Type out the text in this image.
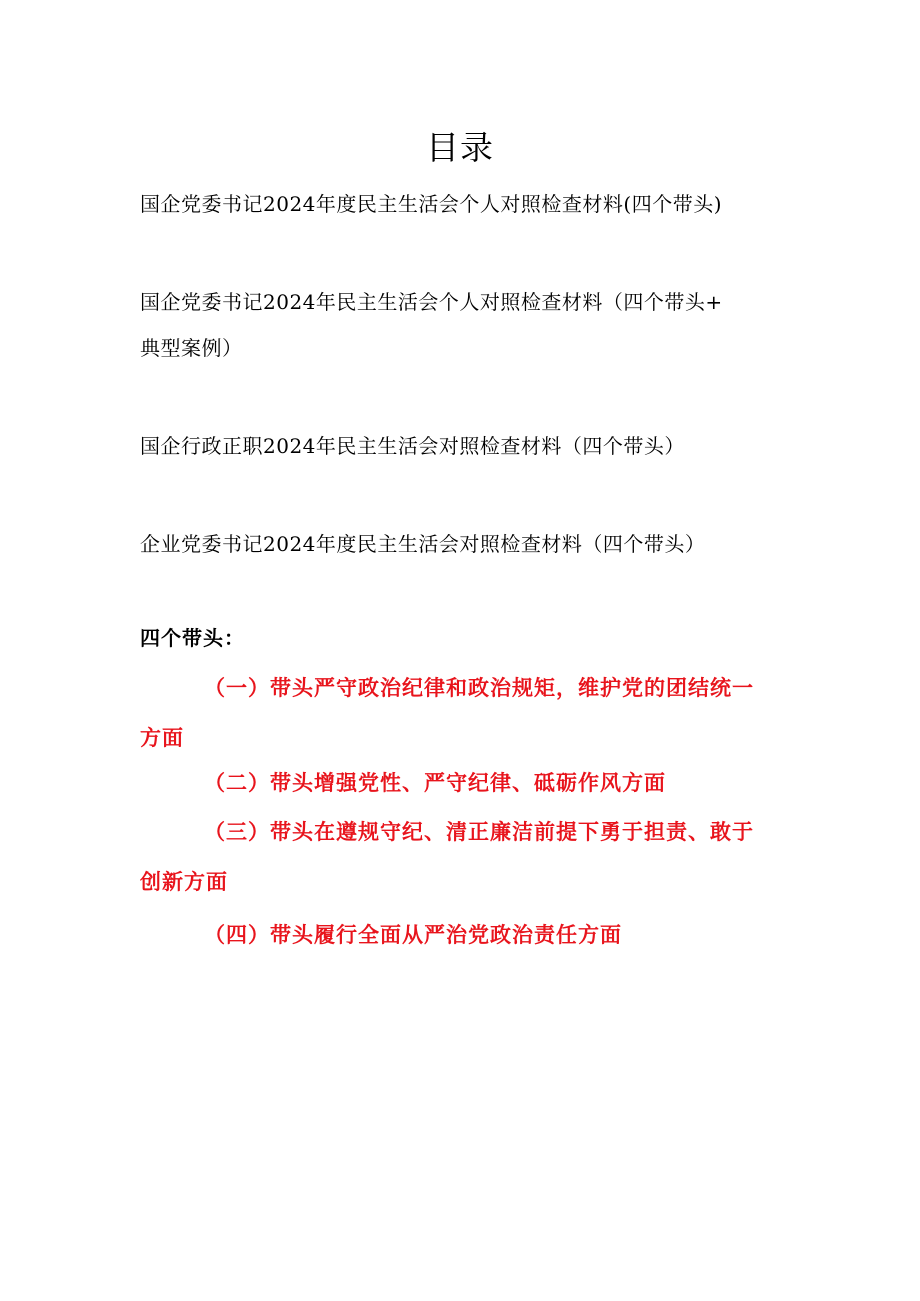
目录
国企党委书记2024年度民主生活会个人对照检查材料(四个带头)
国企党委书记2024年民主生活会个人对照检查材料（四个带头+
典型案例）
国企行政正职2024年民主生活会对照检查材料（四个带头）
企业党委书记2024年度民主生活会对照检查材料（四个带头）
四个带头：
（一）带头严守政治纪律和政治规矩，维护党的团结统一
方面
（二）带头增强党性、严守纪律、砥砺作风方面
（三）带头在遵规守纪、清正廉洁前提下勇于担责、敢于
创新方面
（四）带头履行全面从严治党政治责任方面
